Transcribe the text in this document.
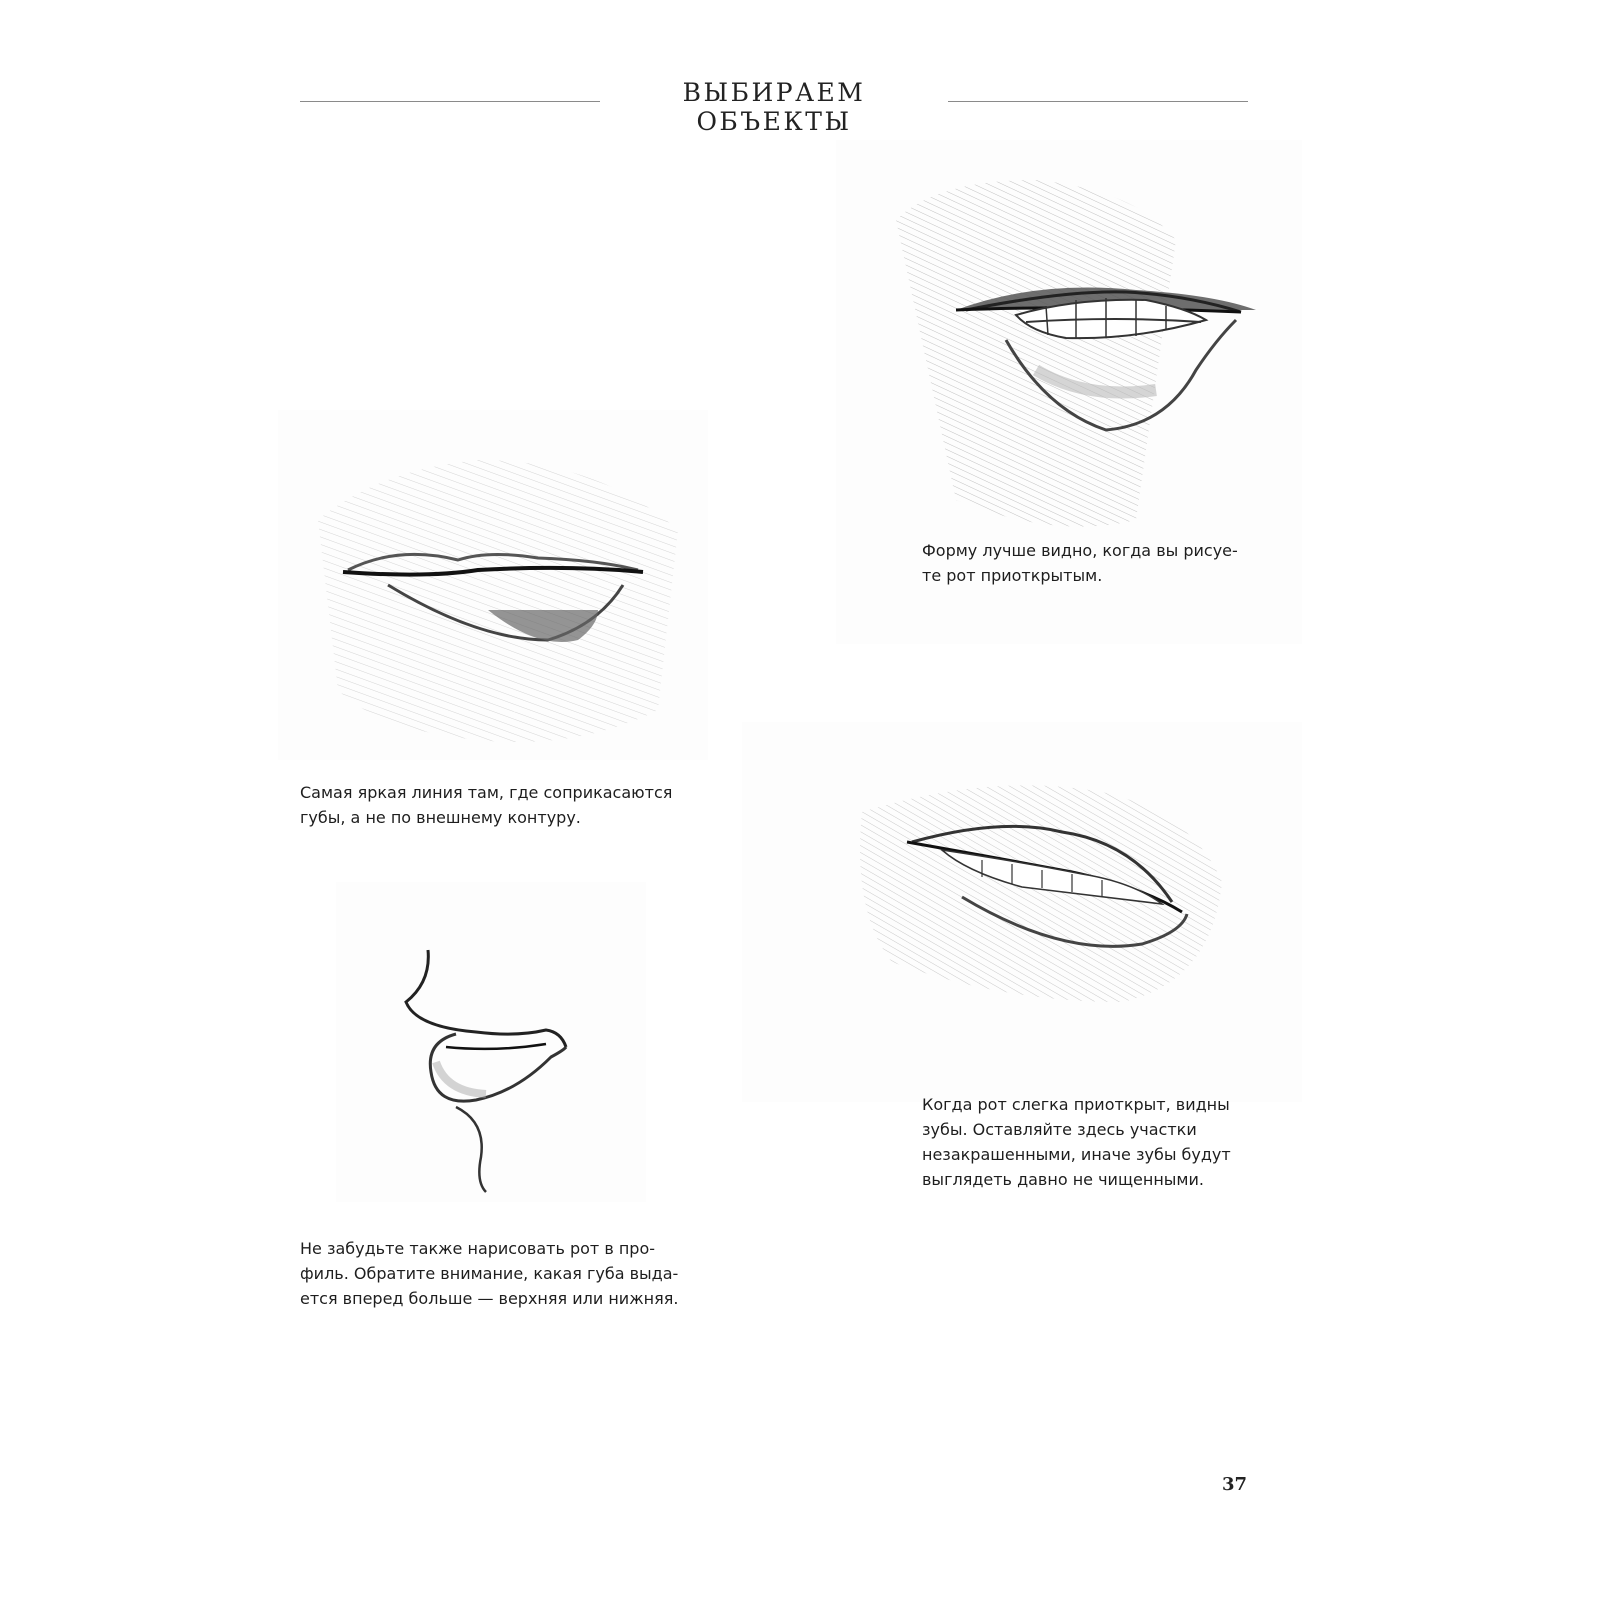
ВЫБИРАЕМ ОБЪЕКТЫ
Форму лучше видно, когда вы рисуе-
те рот приоткрытым.
Самая яркая линия там, где соприкасаются
губы, а не по внешнему контуру.
Когда рот слегка приоткрыт, видны
зубы. Оставляйте здесь участки
незакрашенными, иначе зубы будут
выглядеть давно не чищенными.
Не забудьте также нарисовать рот в про-
филь. Обратите внимание, какая губа выда-
ется вперед больше — верхняя или нижняя.
37
